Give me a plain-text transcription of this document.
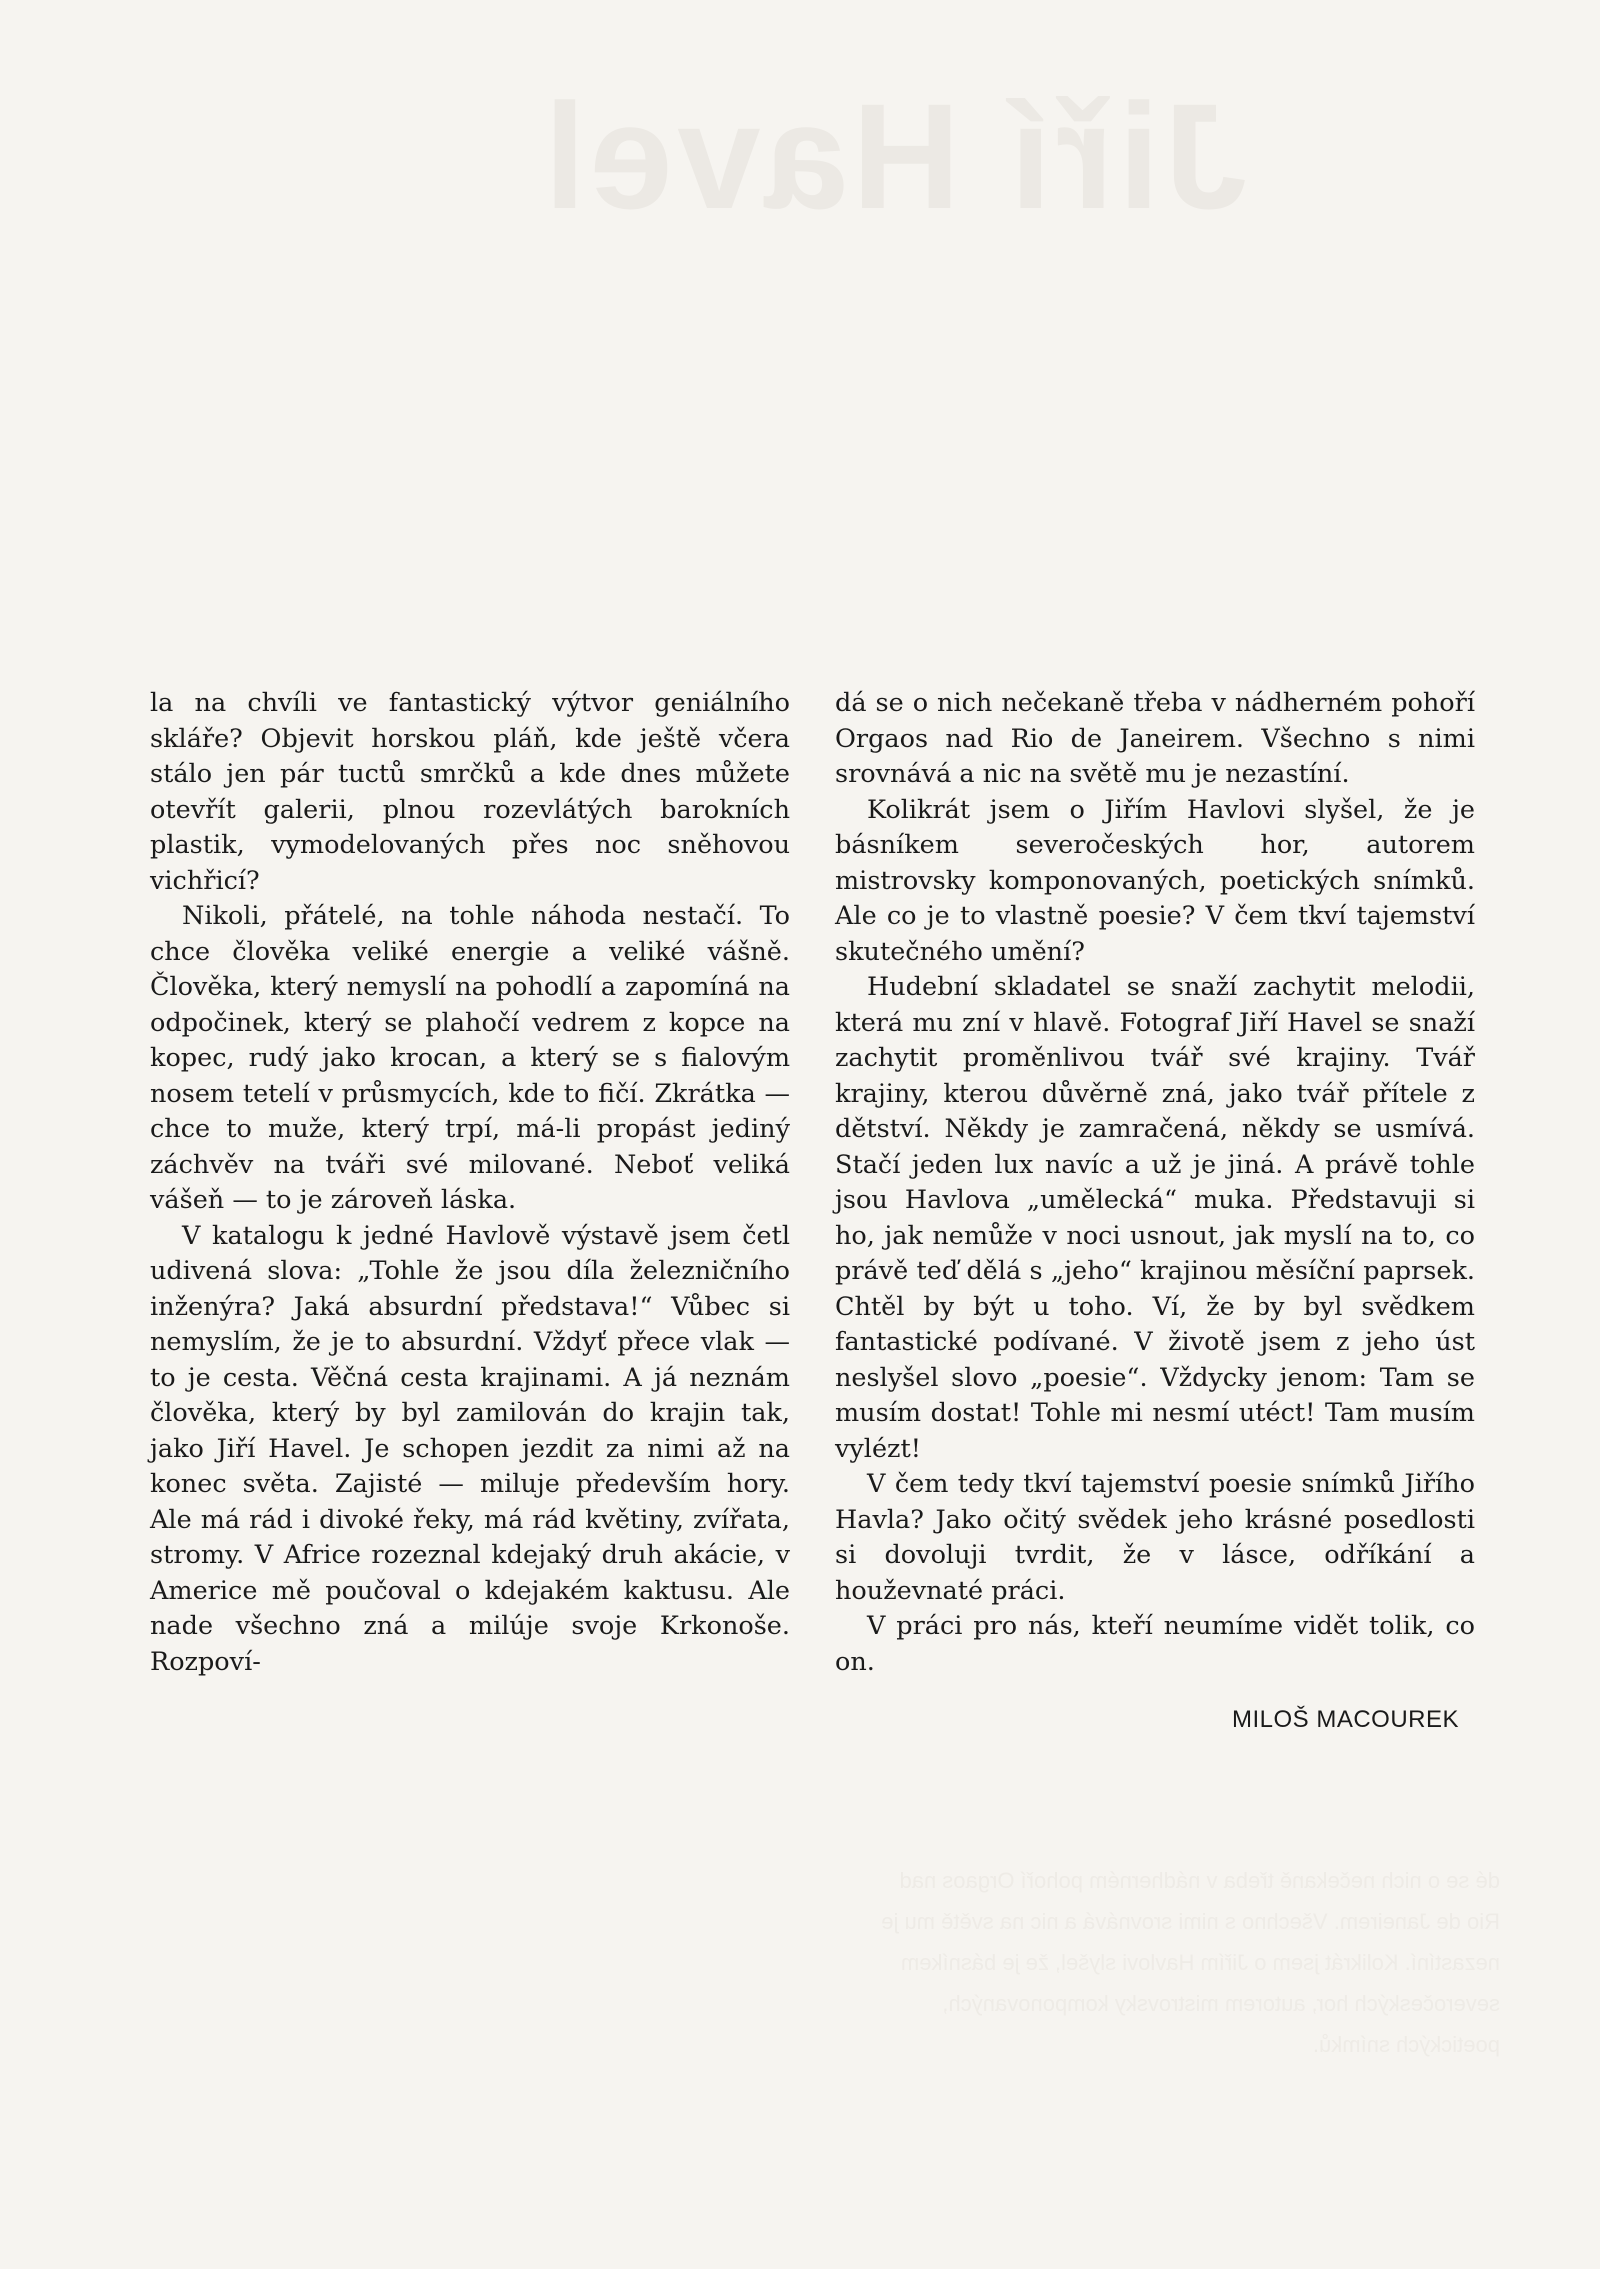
Jiří Havel
dé se o nich nečekaně třeba v nádherném pohoří Orgaos nad Rio de Janeirem. Všechno s nimi srovnává a nic na světě mu je nezastíní. Kolikrát jsem o Jiřím Havlovi slyšel, že je básníkem severočeských hor, autorem mistrovsky komponovaných, poetických snímků.

la na chvíli ve fantastický výtvor geniálního skláře? Objevit horskou pláň, kde ještě včera stálo jen pár tuctů smrčků a kde dnes můžete otevřít galerii, plnou rozevlátých barokních plastik, vymodelovaných přes noc sněhovou vichřicí?

Nikoli, přátelé, na tohle náhoda nestačí. To chce člověka veliké energie a veliké vášně. Člověka, který nemyslí na pohodlí a zapomíná na odpočinek, který se plahočí vedrem z kopce na kopec, rudý jako krocan, a který se s fialovým nosem tetelí v průsmycích, kde to fičí. Zkrátka — chce to muže, který trpí, má-li propást jediný záchvěv na tváři své milované. Neboť veliká vášeň — to je zároveň láska.

V katalogu k jedné Havlově výstavě jsem četl udivená slova: „Tohle že jsou díla železničního inženýra? Jaká absurdní představa!“ Vůbec si nemyslím, že je to absurdní. Vždyť přece vlak — to je cesta. Věčná cesta krajinami. A já neznám člověka, který by byl zamilován do krajin tak, jako Jiří Havel. Je schopen jezdit za nimi až na konec světa. Zajisté — miluje především hory. Ale má rád i divoké řeky, má rád květiny, zvířata, stromy. V Africe rozeznal kdejaký druh akácie, v Americe mě poučoval o kdejakém kaktusu. Ale nade všechno zná a milúje svoje Krkonoše. Rozpoví-

dá se o nich nečekaně třeba v nádherném pohoří Orgaos nad Rio de Janeirem. Všechno s nimi srovnává a nic na světě mu je nezastíní.

Kolikrát jsem o Jiřím Havlovi slyšel, že je básníkem severočeských hor, autorem mistrovsky komponovaných, poetických snímků. Ale co je to vlastně poesie? V čem tkví tajemství skutečného umění?

Hudební skladatel se snaží zachytit melodii, která mu zní v hlavě. Fotograf Jiří Havel se snaží zachytit proměnlivou tvář své krajiny. Tvář krajiny, kterou důvěrně zná, jako tvář přítele z dětství. Někdy je zamračená, někdy se usmívá. Stačí jeden lux navíc a už je jiná. A právě tohle jsou Havlova „umělecká“ muka. Představuji si ho, jak nemůže v noci usnout, jak myslí na to, co právě teď dělá s „jeho“ krajinou měsíční paprsek. Chtěl by být u toho. Ví, že by byl svědkem fantastické podívané. V životě jsem z jeho úst neslyšel slovo „poesie“. Vždycky jenom: Tam se musím dostat! Tohle mi nesmí utéct! Tam musím vylézt!

V čem tedy tkví tajemství poesie snímků Jiřího Havla? Jako očitý svědek jeho krásné posedlosti si dovoluji tvrdit, že v lásce, odříkání a houževnaté práci.

V práci pro nás, kteří neumíme vidět tolik, co on.

MILOŠ MACOUREK
